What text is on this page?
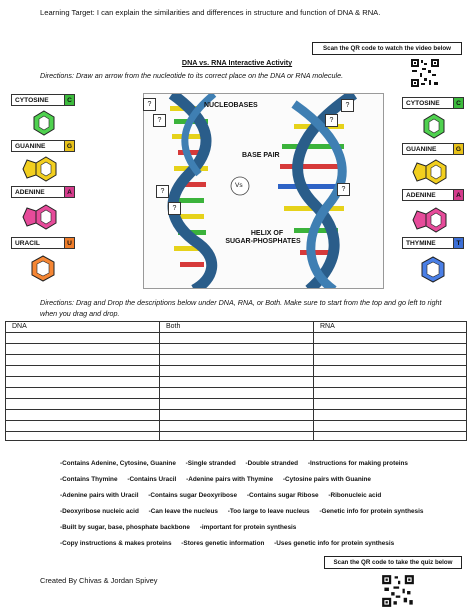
Learning Target: I can explain the similarities and differences in structure and function of DNA & RNA.
Scan the QR code to watch the video below
DNA vs. RNA Interactive Activity
Directions: Draw an arrow from the nucleotide to its correct place on the DNA or RNA molecule.
CYTOSINE	C
GUANINE	G
ADENINE	A
URACIL	U
CYTOSINE	C
GUANINE	G
ADENINE	A
THYMINE	T
NUCLEOBASES
BASE PAIR
Vs
HELIX OF
SUGAR-PHOSPHATES
?
?
?
?
?
?
?
Directions: Drag and Drop the descriptions below under DNA, RNA, or Both. Make sure to start from the top and go left to right when you drag and drop.
DNA	Both	RNA
-Contains Adenine, Cytosine, Guanine -Single stranded -Double stranded -Instructions for making proteins
-Contains Thymine -Contains Uracil -Adenine pairs with Thymine -Cytosine pairs with Guanine
-Adenine pairs with Uracil -Contains sugar Deoxyribose -Contains sugar Ribose -Ribonucleic acid
-Deoxyribose nucleic acid -Can leave the nucleus -Too large to leave nucleus -Genetic info for protein synthesis
-Built by sugar, base, phosphate backbone -important for protein synthesis
-Copy instructions & makes proteins -Stores genetic information -Uses genetic info for protein synthesis
Scan the QR code to take the quiz below
Created By Chivas & Jordan Spivey
